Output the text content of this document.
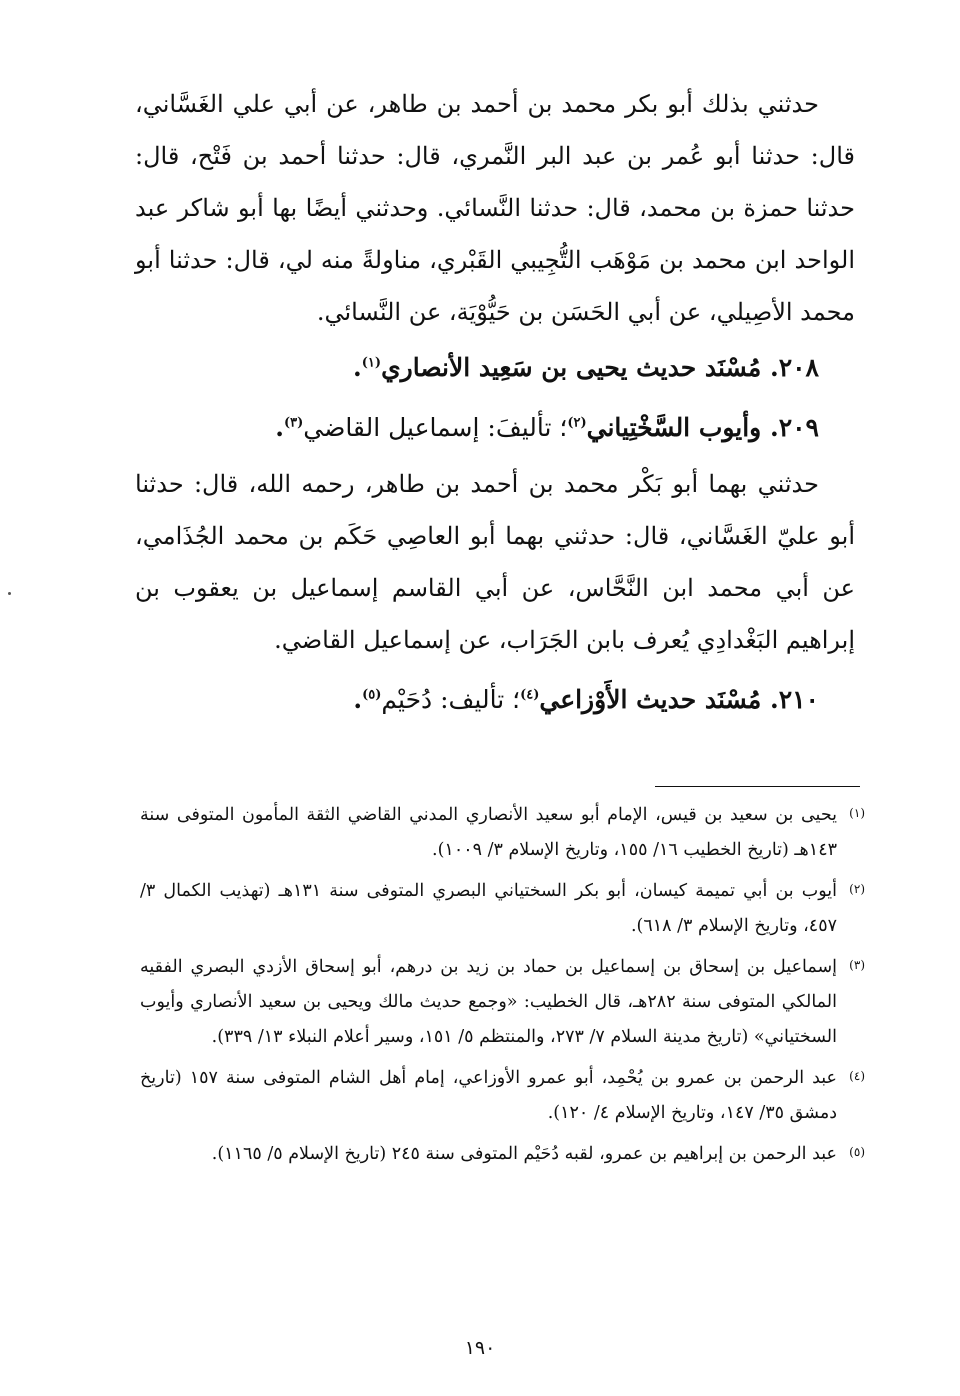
حدثني بذلك أبو بكر محمد بن أحمد بن طاهر، عن أبي علي الغَسَّاني، قال: حدثنا أبو عُمر بن عبد البر النَّمري، قال: حدثنا أحمد بن فَتْح، قال: حدثنا حمزة بن محمد، قال: حدثنا النَّسائي. وحدثني أيضًا بها أبو شاكر عبد الواحد ابن محمد بن مَوْهَب التُّجِيبي القَبْري، مناولةً منه لي، قال: حدثنا أبو محمد الأصِيلي، عن أبي الحَسَن بن حَيُّوْيَة، عن النَّسائي.

٢٠٨. مُسْنَد حديث يحيى بن سَعِيد الأنصاري$^{(١)}$.

٢٠٩. وأيوب السَّخْتِياني$^{(٢)}$؛ تأليفَ: إسماعيل القاضي$^{(٣)}$.

حدثني بهما أبو بَكْر محمد بن أحمد بن طاهر، رحمه الله، قال: حدثنا أبو عليّ الغَسَّاني، قال: حدثني بهما أبو العاصِي حَكَم بن محمد الجُذَامي، عن أبي محمد ابن النَّحَّاس، عن أبي القاسم إسماعيل بن يعقوب بن إبراهيم البَغْدادِي يُعرف بابن الجَرَاب، عن إسماعيل القاضي.

٢١٠. مُسْنَد حديث الأَوْزاعي$^{(٤)}$؛ تأليف: دُحَيْم$^{(٥)}$.

(١)
يحيى بن سعيد بن قيس، الإمام أبو سعيد الأنصاري المدني القاضي الثقة المأمون المتوفى سنة ١٤٣هـ (تاريخ الخطيب ١٦/ ١٥٥، وتاريخ الإسلام ٣/ ١٠٠٩).

(٢)
أيوب بن أبي تميمة كيسان، أبو بكر السختياني البصري المتوفى سنة ١٣١هـ (تهذيب الكمال ٣/ ٤٥٧، وتاريخ الإسلام ٣/ ٦١٨).

(٣)
إسماعيل بن إسحاق بن إسماعيل بن حماد بن زيد بن درهم، أبو إسحاق الأزدي البصري الفقيه المالكي المتوفى سنة ٢٨٢هـ، قال الخطيب: «وجمع حديث مالك ويحيى بن سعيد الأنصاري وأيوب السختياني» (تاريخ مدينة السلام ٧/ ٢٧٣، والمنتظم ٥/ ١٥١، وسير أعلام النبلاء ١٣/ ٣٣٩).

(٤)
عبد الرحمن بن عمرو بن يُحْمِد، أبو عمرو الأوزاعي، إمام أهل الشام المتوفى سنة ١٥٧ (تاريخ دمشق ٣٥/ ١٤٧، وتاريخ الإسلام ٤/ ١٢٠).

(٥)
عبد الرحمن بن إبراهيم بن عمرو، لقبه دُحَيْم المتوفى سنة ٢٤٥ (تاريخ الإسلام ٥/ ١١٦٥).

١٩٠
